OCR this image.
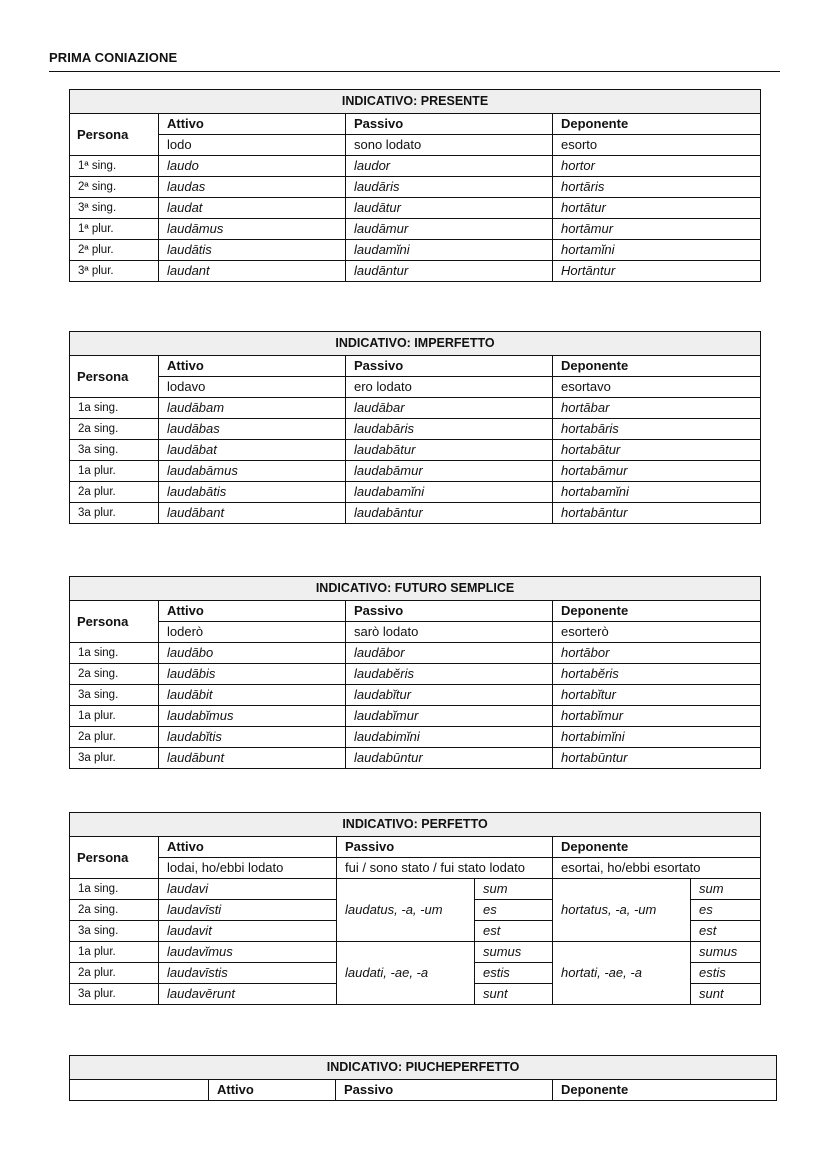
PRIMA CONIAZIONE
INDICATIVO: PRESENTE			
Persona	Attivo	Passivo	Deponente
	lodo	sono lodato	esorto
1ª sing.	laudo	laudor	hortor
2ª sing.	laudas	laudāris	hortāris
3ª sing.	laudat	laudātur	hortātur
1ª plur.	laudāmus	laudāmur	hortāmur
2ª plur.	laudātis	laudamĭni	hortamĭni
3ª plur.	laudant	laudāntur	Hortāntur
INDICATIVO: IMPERFETTO			
Persona	Attivo	Passivo	Deponente
	lodavo	ero lodato	esortavo
1a sing.	laudābam	laudābar	hortābar
2a sing.	laudābas	laudabāris	hortabāris
3a sing.	laudābat	laudabātur	hortabātur
1a plur.	laudabāmus	laudabāmur	hortabāmur
2a plur.	laudabātis	laudabamĭni	hortabamĭni
3a plur.	laudābant	laudabāntur	hortabāntur
INDICATIVO: FUTURO SEMPLICE			
Persona	Attivo	Passivo	Deponente
	loderò	sarò lodato	esorterò
1a sing.	laudābo	laudābor	hortābor
2a sing.	laudābis	laudabĕris	hortabĕris
3a sing.	laudābit	laudabĭtur	hortabĭtur
1a plur.	laudabĭmus	laudabĭmur	hortabĭmur
2a plur.	laudabĭtis	laudabimĭni	hortabimĭni
3a plur.	laudābunt	laudabūntur	hortabūntur
INDICATIVO: PERFETTO					
Persona	Attivo	Passivo		Deponente	
	lodai, ho/ebbi lodato	fui / sono stato / fui stato lodato		esortai, ho/ebbi esortato	
1a sing.	laudavi	laudatus, -a, -um	sum	hortatus, -a, -um	sum
2a sing.	laudavīsti		es		es
3a sing.	laudavit		est		est
1a plur.	laudavĭmus	laudati, -ae, -a	sumus	hortati, -ae, -a	sumus
2a plur.	laudavīstis		estis		estis
3a plur.	laudavērunt		sunt		sunt
INDICATIVO: PIUCHEPERFETTO
	Attivo	Passivo	Deponente
